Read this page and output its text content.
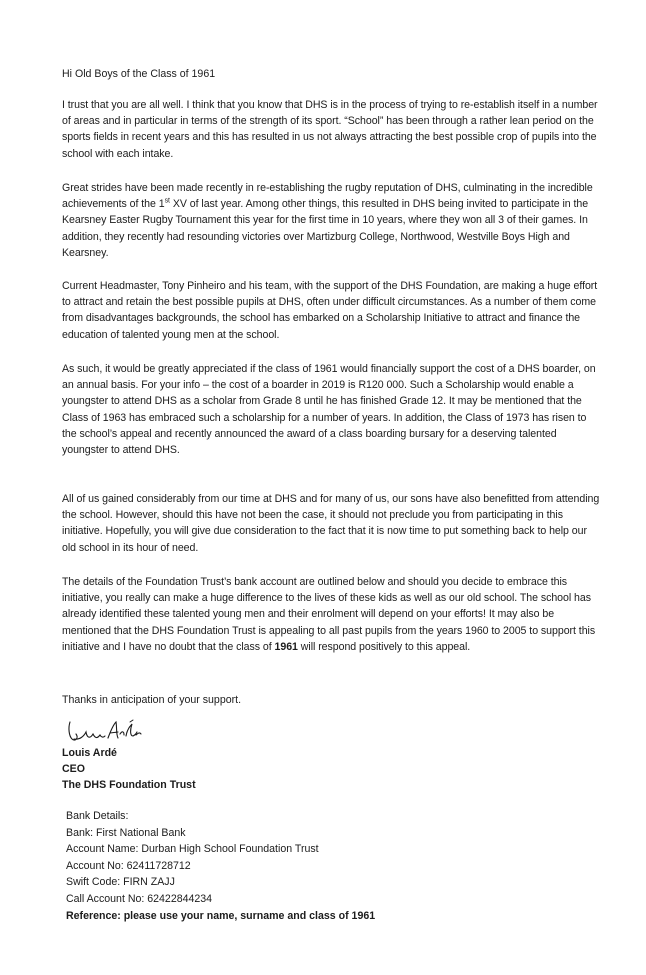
Hi Old Boys of the Class of 1961

I trust that you are all well. I think that you know that DHS is in the process of trying to re-establish itself in a number of areas and in particular in terms of the strength of its sport. “School” has been through a rather lean period on the sports fields in recent years and this has resulted in us not always attracting the best possible crop of pupils into the school with each intake.

Great strides have been made recently in re-establishing the rugby reputation of DHS, culminating in the incredible achievements of the 1st XV of last year. Among other things, this resulted in DHS being invited to participate in the Kearsney Easter Rugby Tournament this year for the first time in 10 years, where they won all 3 of their games. In addition, they recently had resounding victories over Martizburg College, Northwood, Westville Boys High and Kearsney.

Current Headmaster, Tony Pinheiro and his team, with the support of the DHS Foundation, are making a huge effort to attract and retain the best possible pupils at DHS, often under difficult circumstances. As a number of them come from disadvantages backgrounds, the school has embarked on a Scholarship Initiative to attract and finance the education of talented young men at the school.

As such, it would be greatly appreciated if the class of 1961 would financially support the cost of a DHS boarder, on an annual basis. For your info – the cost of a boarder in 2019 is R120 000. Such a Scholarship would enable a youngster to attend DHS as a scholar from Grade 8 until he has finished Grade 12. It may be mentioned that the Class of 1963 has embraced such a scholarship for a number of years. In addition, the Class of 1973 has risen to the school’s appeal and recently announced the award of a class boarding bursary for a deserving talented youngster to attend DHS.

All of us gained considerably from our time at DHS and for many of us, our sons have also benefitted from attending the school. However, should this have not been the case, it should not preclude you from participating in this initiative. Hopefully, you will give due consideration to the fact that it is now time to put something back to help our old school in its hour of need.

The details of the Foundation Trust’s bank account are outlined below and should you decide to embrace this initiative, you really can make a huge difference to the lives of these kids as well as our old school. The school has already identified these talented young men and their enrolment will depend on your efforts! It may also be mentioned that the DHS Foundation Trust is appealing to all past pupils from the years 1960 to 2005 to support this initiative and I have no doubt that the class of 1961 will respond positively to this appeal.

Thanks in anticipation of your support.
Louis Ardé
CEO
The DHS Foundation Trust
Bank Details:
Bank: First National Bank
Account Name: Durban High School Foundation Trust
Account No: 62411728712
Swift Code: FIRN ZAJJ
Call Account No: 62422844234
Reference: please use your name, surname and class of 1961
